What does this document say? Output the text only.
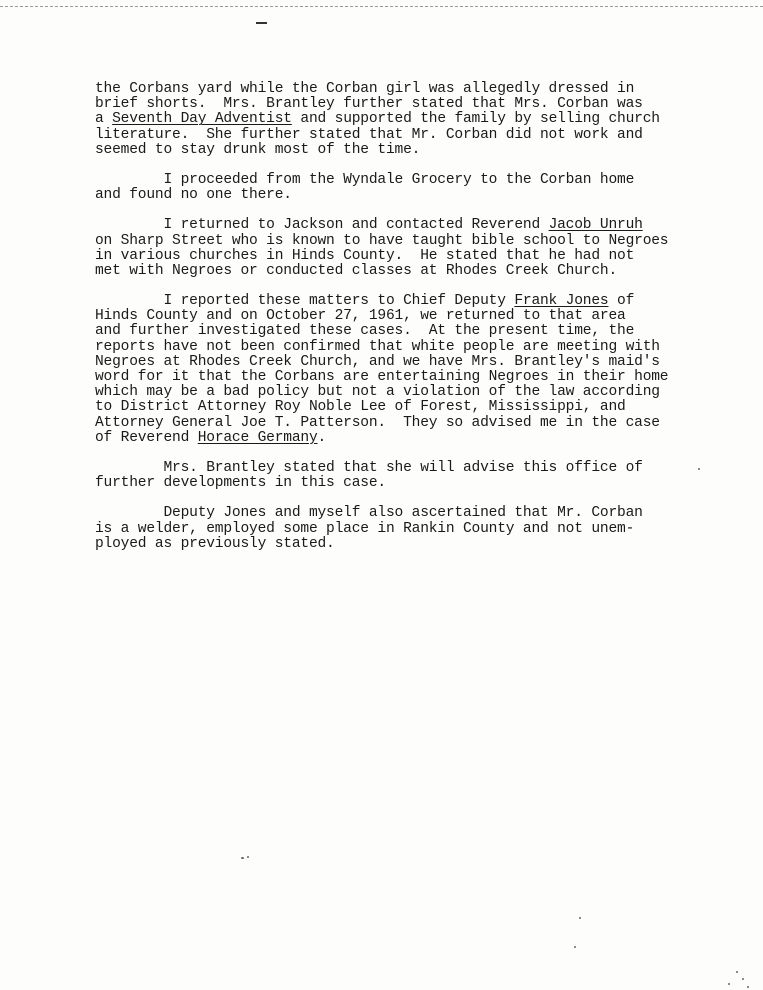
the Corbans yard while the Corban girl was allegedly dressed in
brief shorts.  Mrs. Brantley further stated that Mrs. Corban was
a Seventh Day Adventist and supported the family by selling church
literature.  She further stated that Mr. Corban did not work and
seemed to stay drunk most of the time.
I proceeded from the Wyndale Grocery to the Corban home
and found no one there.
I returned to Jackson and contacted Reverend Jacob Unruh
on Sharp Street who is known to have taught bible school to Negroes
in various churches in Hinds County.  He stated that he had not
met with Negroes or conducted classes at Rhodes Creek Church.
I reported these matters to Chief Deputy Frank Jones of
Hinds County and on October 27, 1961, we returned to that area
and further investigated these cases.  At the present time, the
reports have not been confirmed that white people are meeting with
Negroes at Rhodes Creek Church, and we have Mrs. Brantley's maid's
word for it that the Corbans are entertaining Negroes in their home
which may be a bad policy but not a violation of the law according
to District Attorney Roy Noble Lee of Forest, Mississippi, and
Attorney General Joe T. Patterson.  They so advised me in the case
of Reverend Horace Germany.
Mrs. Brantley stated that she will advise this office of
further developments in this case.
Deputy Jones and myself also ascertained that Mr. Corban
is a welder, employed some place in Rankin County and not unem-
ployed as previously stated.
